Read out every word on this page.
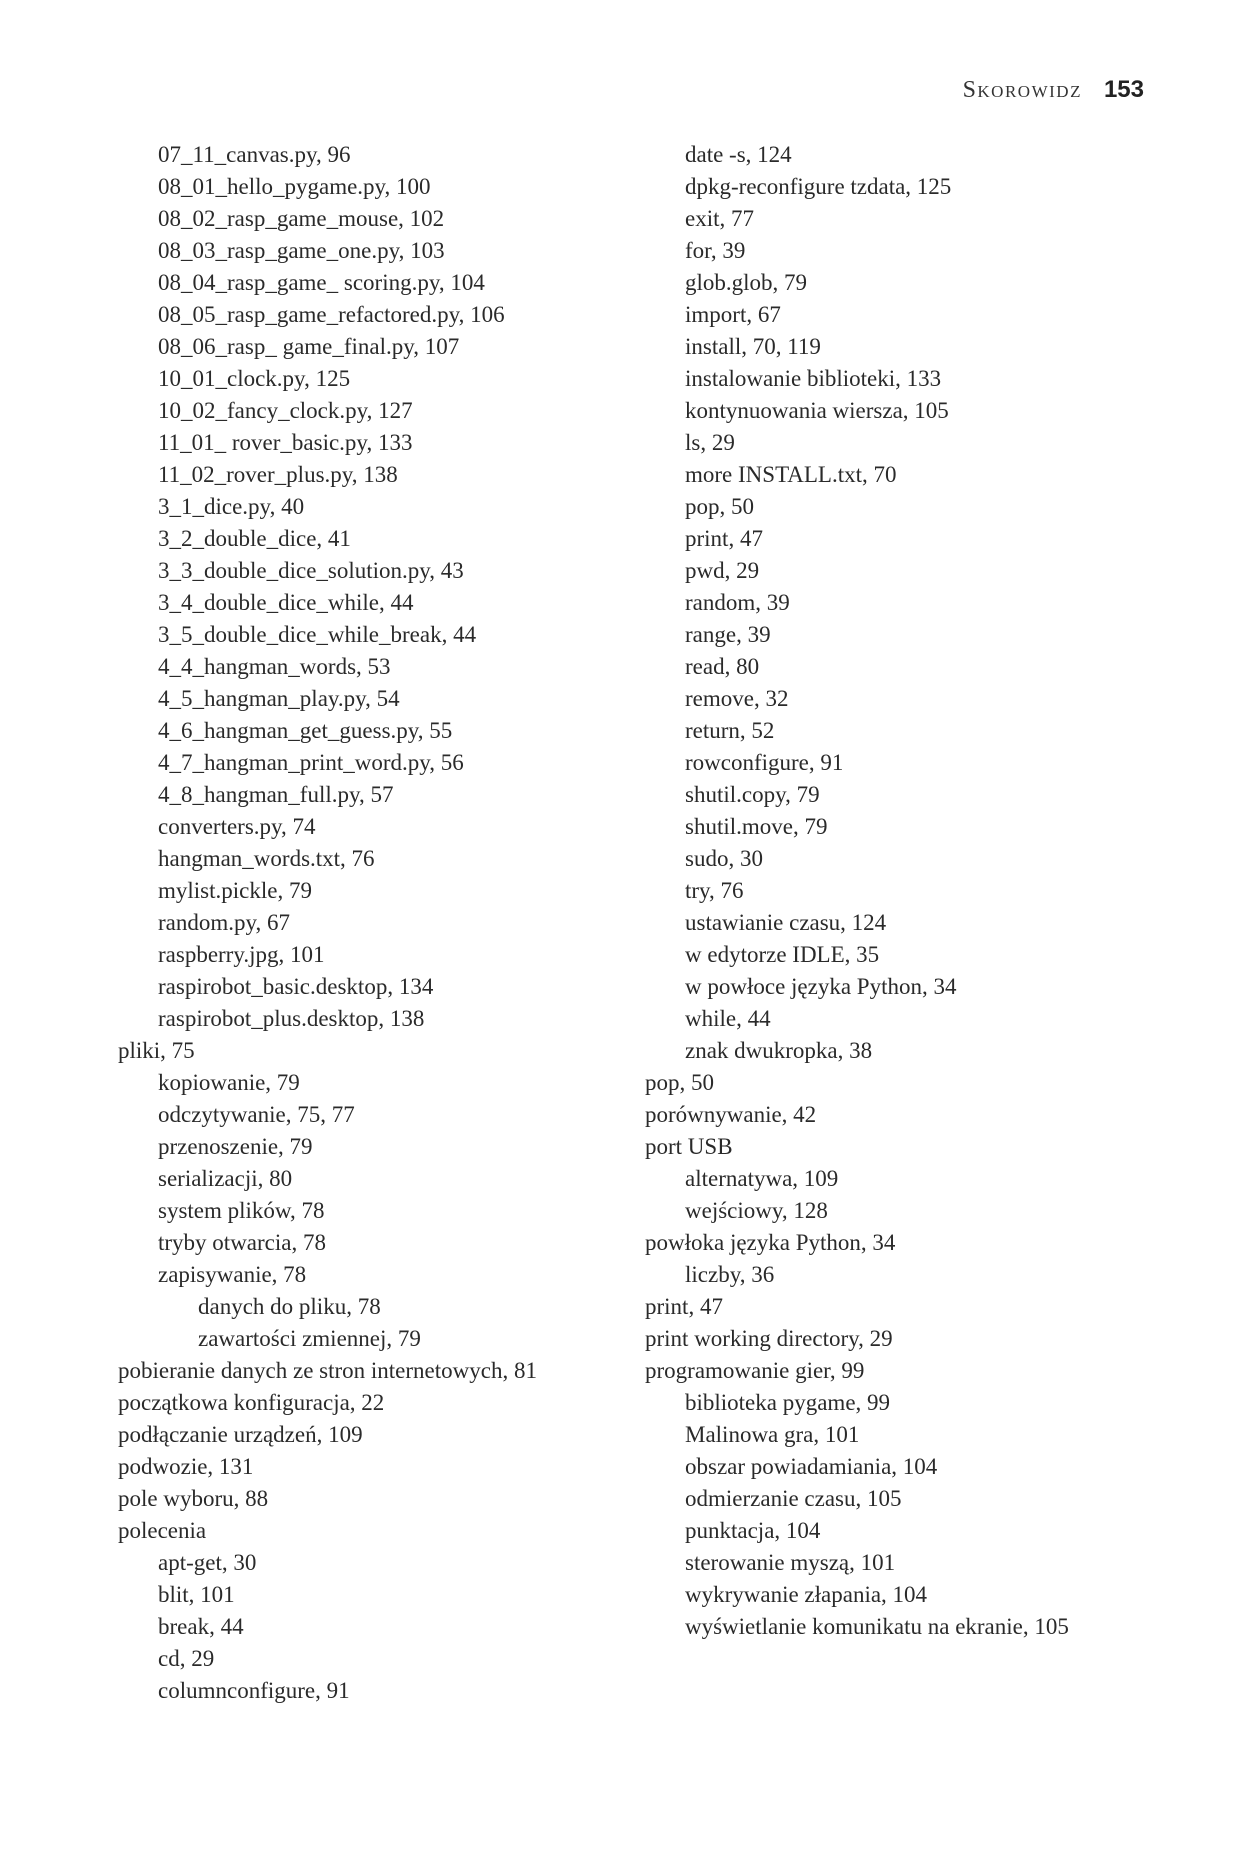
Skorowidz 153
07_11_canvas.py, 96
08_01_hello_pygame.py, 100
08_02_rasp_game_mouse, 102
08_03_rasp_game_one.py, 103
08_04_rasp_game_ scoring.py, 104
08_05_rasp_game_refactored.py, 106
08_06_rasp_ game_final.py, 107
10_01_clock.py, 125
10_02_fancy_clock.py, 127
11_01_ rover_basic.py, 133
11_02_rover_plus.py, 138
3_1_dice.py, 40
3_2_double_dice, 41
3_3_double_dice_solution.py, 43
3_4_double_dice_while, 44
3_5_double_dice_while_break, 44
4_4_hangman_words, 53
4_5_hangman_play.py, 54
4_6_hangman_get_guess.py, 55
4_7_hangman_print_word.py, 56
4_8_hangman_full.py, 57
converters.py, 74
hangman_words.txt, 76
mylist.pickle, 79
random.py, 67
raspberry.jpg, 101
raspirobot_basic.desktop, 134
raspirobot_plus.desktop, 138
pliki, 75
kopiowanie, 79
odczytywanie, 75, 77
przenoszenie, 79
serializacji, 80
system plików, 78
tryby otwarcia, 78
zapisywanie, 78
danych do pliku, 78
zawartości zmiennej, 79
pobieranie danych ze stron internetowych, 81
początkowa konfiguracja, 22
podłączanie urządzeń, 109
podwozie, 131
pole wyboru, 88
polecenia
apt-get, 30
blit, 101
break, 44
cd, 29
columnconfigure, 91
date -s, 124
dpkg-reconfigure tzdata, 125
exit, 77
for, 39
glob.glob, 79
import, 67
install, 70, 119
instalowanie biblioteki, 133
kontynuowania wiersza, 105
ls, 29
more INSTALL.txt, 70
pop, 50
print, 47
pwd, 29
random, 39
range, 39
read, 80
remove, 32
return, 52
rowconfigure, 91
shutil.copy, 79
shutil.move, 79
sudo, 30
try, 76
ustawianie czasu, 124
w edytorze IDLE, 35
w powłoce języka Python, 34
while, 44
znak dwukropka, 38
pop, 50
porównywanie, 42
port USB
alternatywa, 109
wejściowy, 128
powłoka języka Python, 34
liczby, 36
print, 47
print working directory, 29
programowanie gier, 99
biblioteka pygame, 99
Malinowa gra, 101
obszar powiadamiania, 104
odmierzanie czasu, 105
punktacja, 104
sterowanie myszą, 101
wykrywanie złapania, 104
wyświetlanie komunikatu na ekranie, 105
